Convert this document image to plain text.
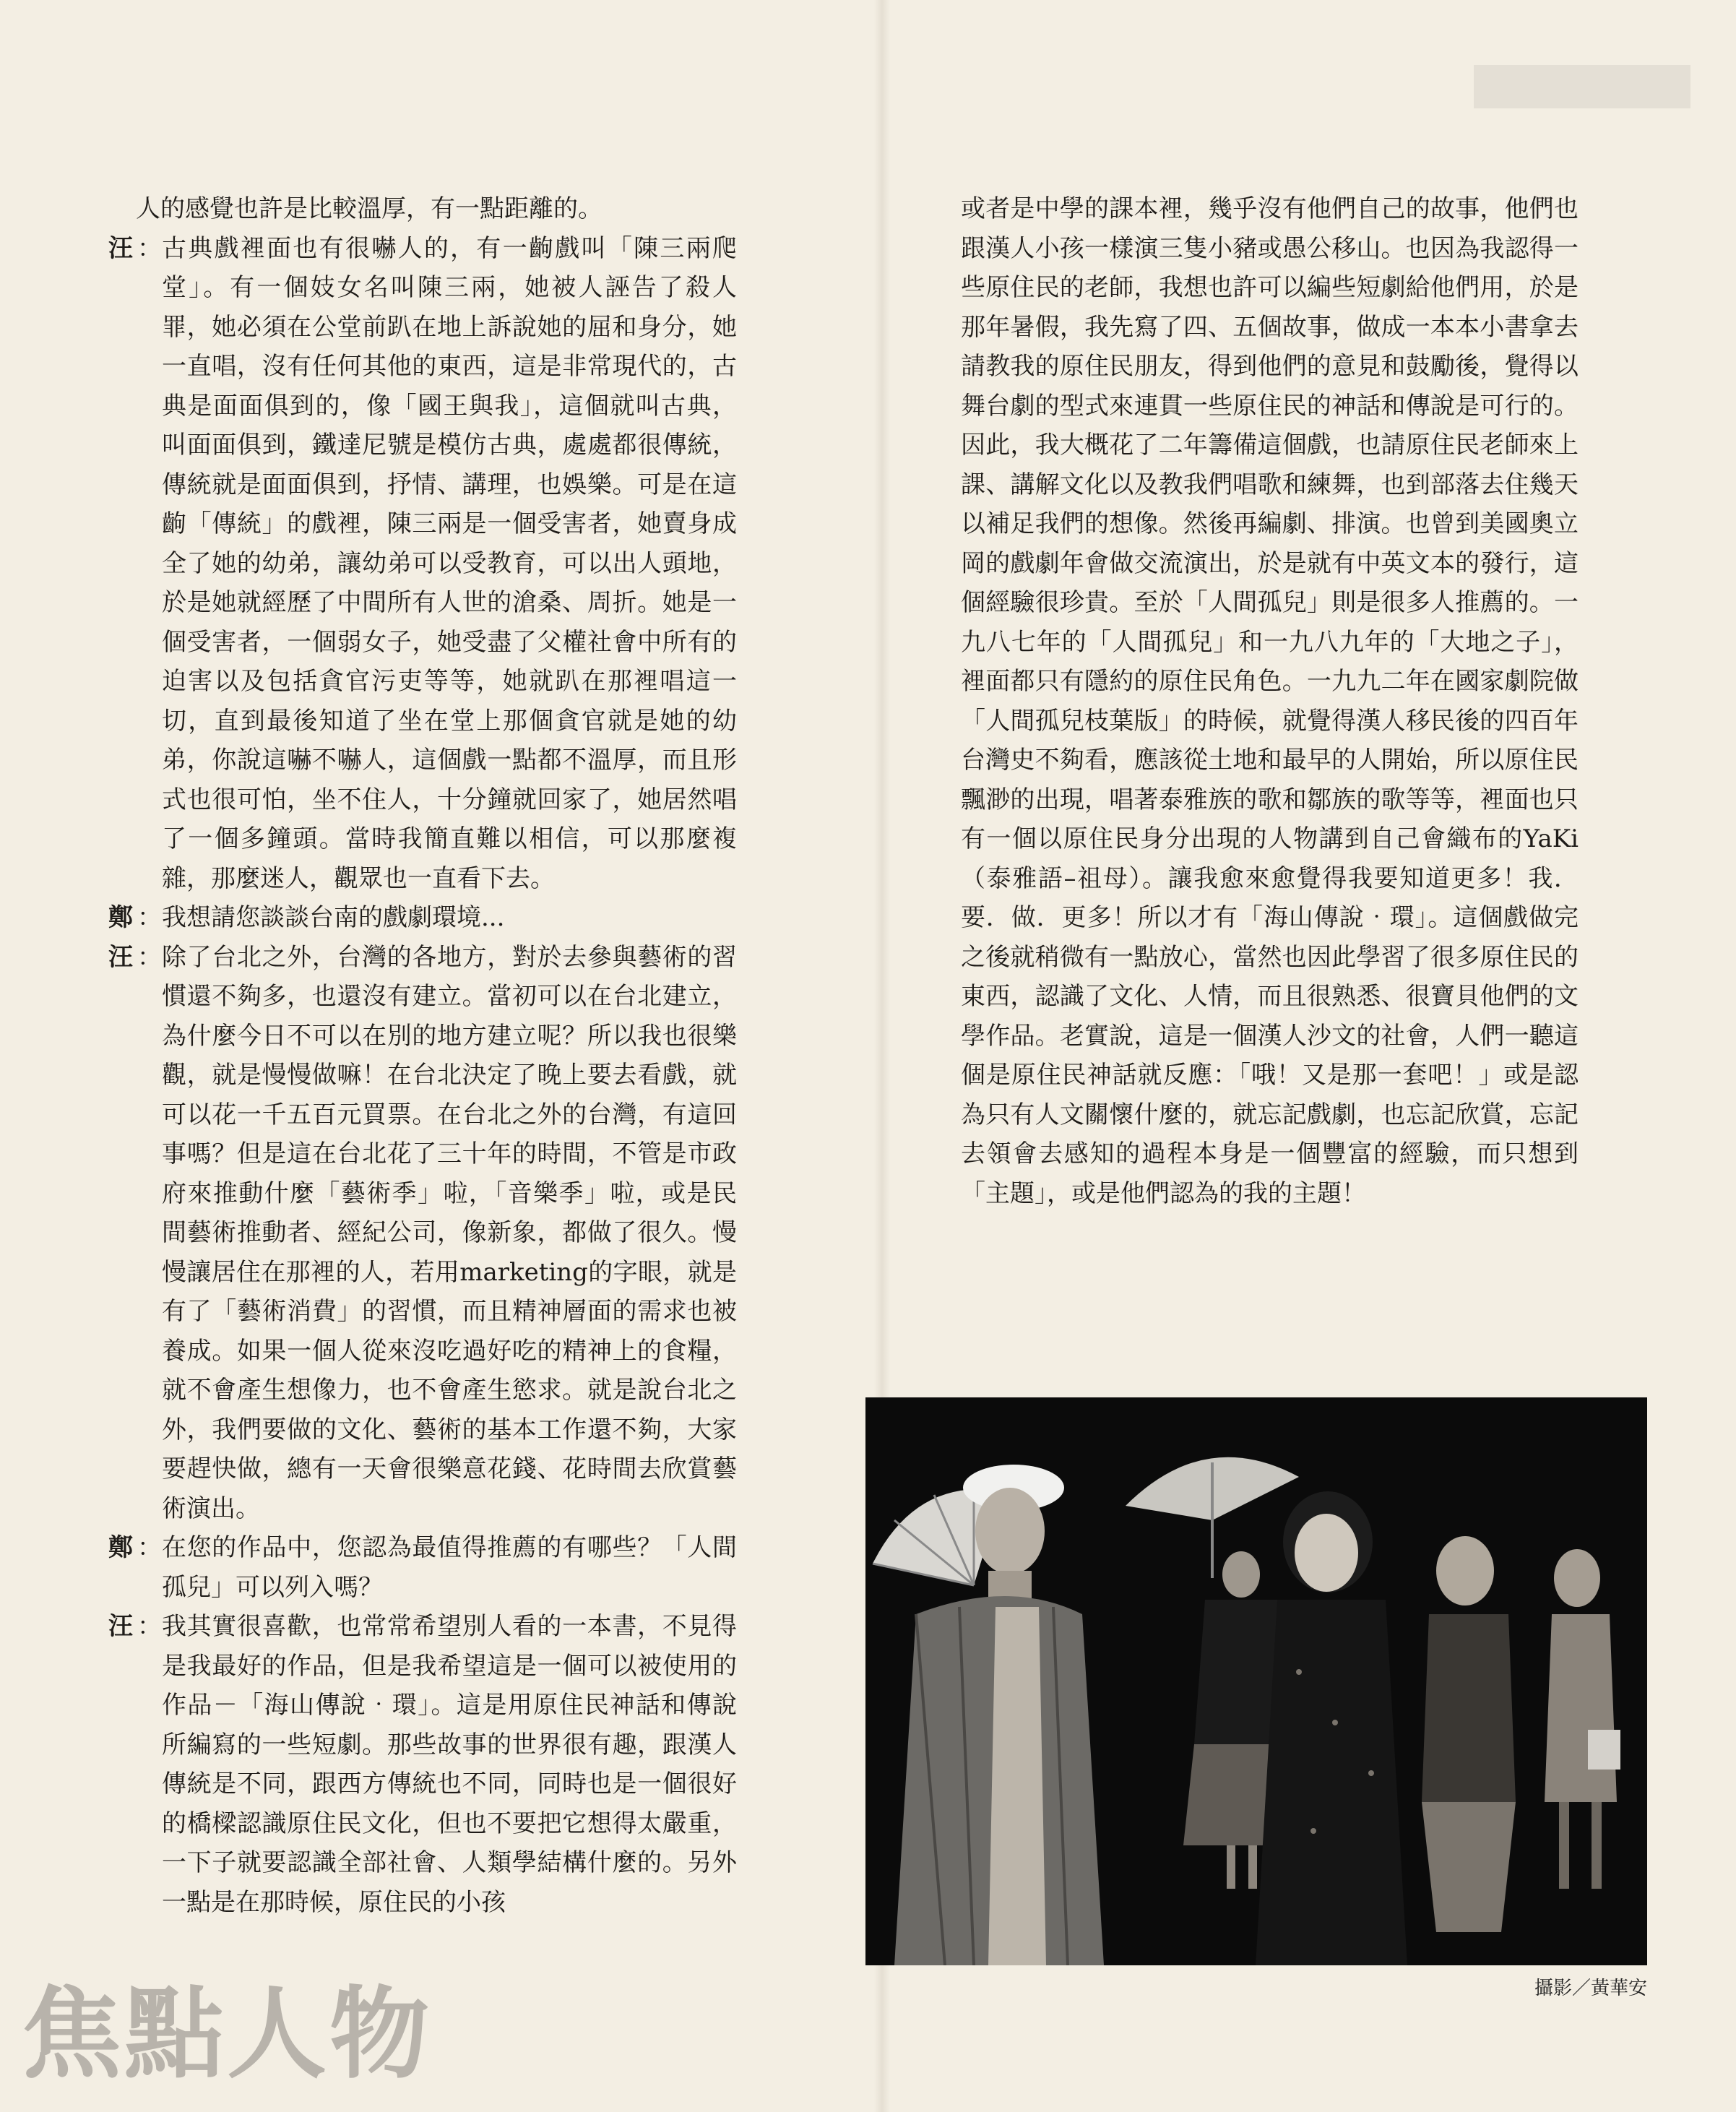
人的感覺也許是比較溫厚，有一點距離的。

汪 ： 古典戲裡面也有很嚇人的，有一齣戲叫「陳三兩爬堂」。有一個妓女名叫陳三兩，她被人誣告了殺人罪，她必須在公堂前趴在地上訴說她的屈和身分，她一直唱，沒有任何其他的東西，這是非常現代的，古典是面面俱到的，像「國王與我」，這個就叫古典，叫面面俱到，鐵達尼號是模仿古典，處處都很傳統，傳統就是面面俱到，抒情、講理，也娛樂。可是在這齣「傳統」的戲裡，陳三兩是一個受害者，她賣身成全了她的幼弟，讓幼弟可以受教育，可以出人頭地，於是她就經歷了中間所有人世的滄桑、周折。她是一個受害者，一個弱女子，她受盡了父權社會中所有的迫害以及包括貪官污吏等等，她就趴在那裡唱這一切，直到最後知道了坐在堂上那個貪官就是她的幼弟，你說這嚇不嚇人，這個戲一點都不溫厚，而且形式也很可怕，坐不住人，十分鐘就回家了，她居然唱了一個多鐘頭。當時我簡直難以相信，可以那麼複雜，那麼迷人，觀眾也一直看下去。
鄭 ： 我想請您談談台南的戲劇環境...
汪 ： 除了台北之外，台灣的各地方，對於去參與藝術的習慣還不夠多，也還沒有建立。當初可以在台北建立，為什麼今日不可以在別的地方建立呢？所以我也很樂觀，就是慢慢做嘛！在台北決定了晚上要去看戲，就可以花一千五百元買票。在台北之外的台灣，有這回事嗎？但是這在台北花了三十年的時間，不管是市政府來推動什麼「藝術季」啦，「音樂季」啦，或是民間藝術推動者、經紀公司，像新象，都做了很久。慢慢讓居住在那裡的人，若用marketing的字眼，就是有了「藝術消費」的習慣，而且精神層面的需求也被養成。如果一個人從來沒吃過好吃的精神上的食糧，就不會產生想像力，也不會產生慾求。就是說台北之外，我們要做的文化、藝術的基本工作還不夠，大家要趕快做，總有一天會很樂意花錢、花時間去欣賞藝術演出。
鄭 ： 在您的作品中，您認為最值得推薦的有哪些？「人間孤兒」可以列入嗎？
汪 ： 我其實很喜歡，也常常希望別人看的一本書，不見得是我最好的作品，但是我希望這是一個可以被使用的作品－「海山傳說‧環」。這是用原住民神話和傳說所編寫的一些短劇。那些故事的世界很有趣，跟漢人傳統是不同，跟西方傳統也不同，同時也是一個很好的橋樑認識原住民文化，但也不要把它想得太嚴重，一下子就要認識全部社會、人類學結構什麼的。另外一點是在那時候，原住民的小孩

或者是中學的課本裡，幾乎沒有他們自己的故事，他們也跟漢人小孩一樣演三隻小豬或愚公移山。也因為我認得一些原住民的老師，我想也許可以編些短劇給他們用，於是那年暑假，我先寫了四、五個故事，做成一本本小書拿去請教我的原住民朋友，得到他們的意見和鼓勵後，覺得以舞台劇的型式來連貫一些原住民的神話和傳說是可行的。因此，我大概花了二年籌備這個戲，也請原住民老師來上課、講解文化以及教我們唱歌和練舞，也到部落去住幾天以補足我們的想像。然後再編劇、排演。也曾到美國奧立岡的戲劇年會做交流演出，於是就有中英文本的發行，這個經驗很珍貴。至於「人間孤兒」則是很多人推薦的。一九八七年的「人間孤兒」和一九八九年的「大地之子」，裡面都只有隱約的原住民角色。一九九二年在國家劇院做「人間孤兒枝葉版」的時候，就覺得漢人移民後的四百年台灣史不夠看，應該從土地和最早的人開始，所以原住民飄渺的出現，唱著泰雅族的歌和鄒族的歌等等，裡面也只有一個以原住民身分出現的人物講到自己會織布的YaKi（泰雅語–祖母）。讓我愈來愈覺得我要知道更多！我．要．做．更多！所以才有「海山傳說‧環」。這個戲做完之後就稍微有一點放心，當然也因此學習了很多原住民的東西，認識了文化、人情，而且很熟悉、很寶貝他們的文學作品。老實說，這是一個漢人沙文的社會，人們一聽這個是原住民神話就反應：「哦！又是那一套吧！」或是認為只有人文關懷什麼的，就忘記戲劇，也忘記欣賞，忘記去領會去感知的過程本身是一個豐富的經驗，而只想到「主題」，或是他們認為的我的主題！

攝影／黃華安
焦點人物
